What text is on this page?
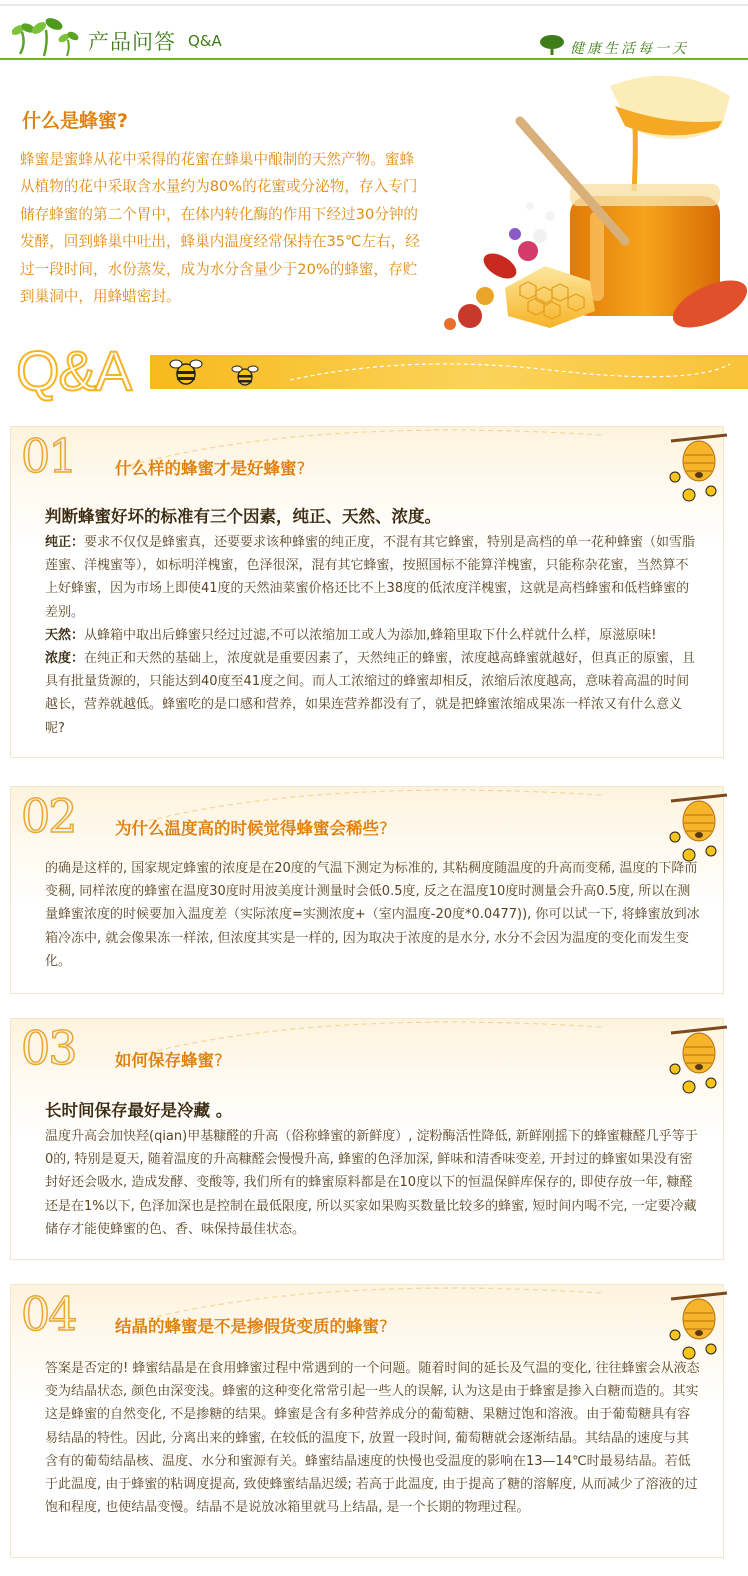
产品问答 Q&A	健康生活每一天
什么是蜂蜜?
蜂蜜是蜜蜂从花中采得的花蜜在蜂巢中酿制的天然产物。蜜蜂从植物的花中采取含水量约为80%的花蜜或分泌物，存入专门储存蜂蜜的第二个胃中，在体内转化酶的作用下经过30分钟的发酵，回到蜂巢中吐出，蜂巢内温度经常保持在35℃左右，经过一段时间，水份蒸发，成为水分含量少于20%的蜂蜜，存贮到巢洞中，用蜂蜡密封。
Q&A
01 什么样的蜂蜜才是好蜂蜜?
判断蜂蜜好坏的标准有三个因素，纯正、天然、浓度。

纯正：要求不仅仅是蜂蜜真，还要要求该种蜂蜜的纯正度，不混有其它蜂蜜，特别是高档的单一花种蜂蜜（如雪脂莲蜜、洋槐蜜等），如标明洋槐蜜，色泽很深，混有其它蜂蜜，按照国标不能算洋槐蜜，只能称杂花蜜，当然算不上好蜂蜜，因为市场上即使41度的天然油菜蜜价格还比不上38度的低浓度洋槐蜜，这就是高档蜂蜜和低档蜂蜜的差别。

天然：从蜂箱中取出后蜂蜜只经过过滤,不可以浓缩加工或人为添加,蜂箱里取下什么样就什么样，原滋原味!

浓度：在纯正和天然的基础上，浓度就是重要因素了，天然纯正的蜂蜜，浓度越高蜂蜜就越好，但真正的原蜜，且具有批量货源的，只能达到40度至41度之间。而人工浓缩过的蜂蜜却相反，浓缩后浓度越高，意味着高温的时间越长，营养就越低。蜂蜜吃的是口感和营养，如果连营养都没有了，就是把蜂蜜浓缩成果冻一样浓又有什么意义呢?

02 为什么温度高的时候觉得蜂蜜会稀些?

的确是这样的, 国家规定蜂蜜的浓度是在20度的气温下测定为标准的, 其粘稠度随温度的升高而变稀, 温度的下降而变稠, 同样浓度的蜂蜜在温度30度时用波美度计测量时会低0.5度, 反之在温度10度时测量会升高0.5度, 所以在测量蜂蜜浓度的时候要加入温度差（实际浓度=实测浓度+（室内温度-20度*0.0477)), 你可以试一下, 将蜂蜜放到冰箱冷冻中, 就会像果冻一样浓, 但浓度其实是一样的, 因为取决于浓度的是水分, 水分不会因为温度的变化而发生变化。

03 如何保存蜂蜜?
长时间保存最好是冷藏 。

温度升高会加快羟(qian)甲基糠醛的升高（俗称蜂蜜的新鲜度）, 淀粉酶活性降低, 新鲜刚摇下的蜂蜜糠醛几乎等于0的, 特别是夏天, 随着温度的升高糠醛会慢慢升高, 蜂蜜的色泽加深, 鲜味和清香味变差, 开封过的蜂蜜如果没有密封好还会吸水, 造成发酵、变酸等, 我们所有的蜂蜜原料都是在10度以下的恒温保鲜库保存的, 即使存放一年, 糠醛还是在1%以下, 色泽加深也是控制在最低限度, 所以买家如果购买数量比较多的蜂蜜, 短时间内喝不完, 一定要冷藏储存才能使蜂蜜的色、香、味保持最佳状态。

04 结晶的蜂蜜是不是掺假货变质的蜂蜜?

答案是否定的! 蜂蜜结晶是在食用蜂蜜过程中常遇到的一个问题。随着时间的延长及气温的变化, 往往蜂蜜会从液态变为结晶状态, 颜色由深变浅。蜂蜜的这种变化常常引起一些人的误解, 认为这是由于蜂蜜是掺入白糖而造的。其实这是蜂蜜的自然变化, 不是掺糖的结果。蜂蜜是含有多种营养成分的葡萄糖、果糖过饱和溶液。由于葡萄糖具有容易结晶的特性。因此, 分离出来的蜂蜜, 在较低的温度下, 放置一段时间, 葡萄糖就会逐渐结晶。其结晶的速度与其含有的葡萄结晶核、温度、水分和蜜源有关。蜂蜜结晶速度的快慢也受温度的影响在13—14℃时最易结晶。若低于此温度, 由于蜂蜜的粘调度提高, 致使蜂蜜结晶迟缓; 若高于此温度, 由于提高了糖的溶解度, 从而减少了溶液的过饱和程度, 也使结晶变慢。结晶不是说放冰箱里就马上结晶, 是一个长期的物理过程。
